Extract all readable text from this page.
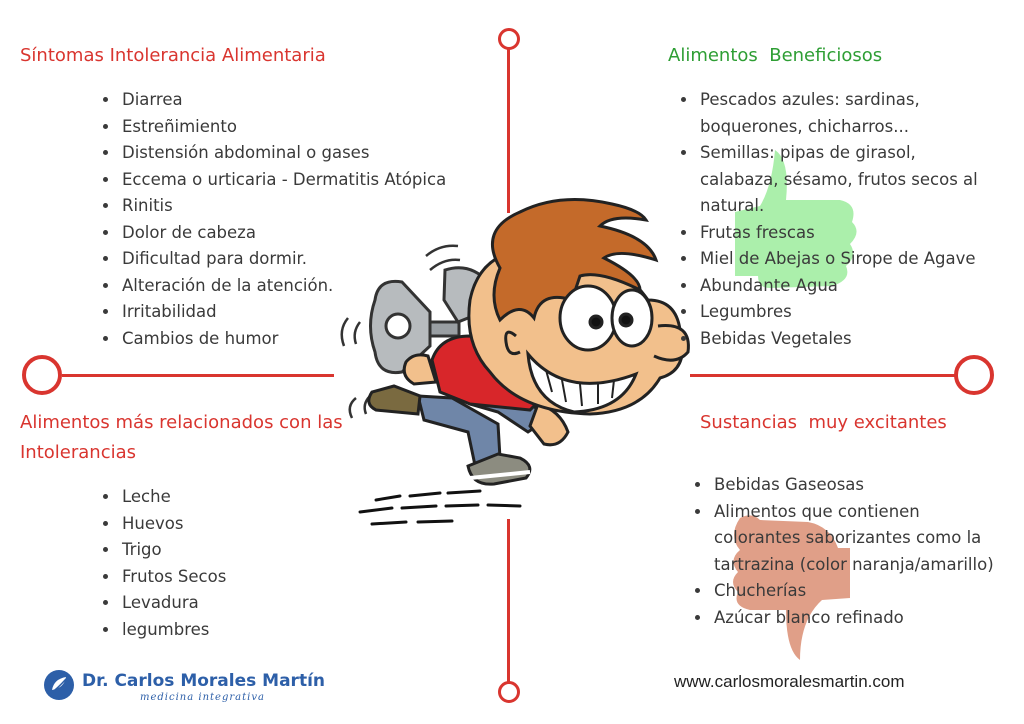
Síntomas Intolerancia Alimentaria
• Diarrea
• Estreñimiento
• Distensión abdominal o gases
• Eccema o urticaria - Dermatitis Atópica
• Rinitis
• Dolor de cabeza
• Dificultad para dormir.
• Alteración de la atención.
• Irritabilidad
• Cambios de humor
Alimentos  Beneficiosos
• Pescados azules: sardinas, boquerones, chicharros...
• Semillas: pipas de girasol, calabaza, sésamo, frutos secos al natural.
• Frutas frescas
• Miel de Abejas o Sirope de Agave
• Abundante Agua
• Legumbres
• Bebidas Vegetales
Alimentos más relacionados con las Intolerancias
• Leche
• Huevos
• Trigo
• Frutos Secos
• Levadura
• legumbres
Sustancias  muy excitantes
• Bebidas Gaseosas
• Alimentos que contienen colorantes saborizantes como la tartrazina (color naranja/amarillo)
• Chucherías
• Azúcar blanco refinado
Dr. Carlos Morales Martín
medicina integrativa
www.carlosmoralesmartin.com
